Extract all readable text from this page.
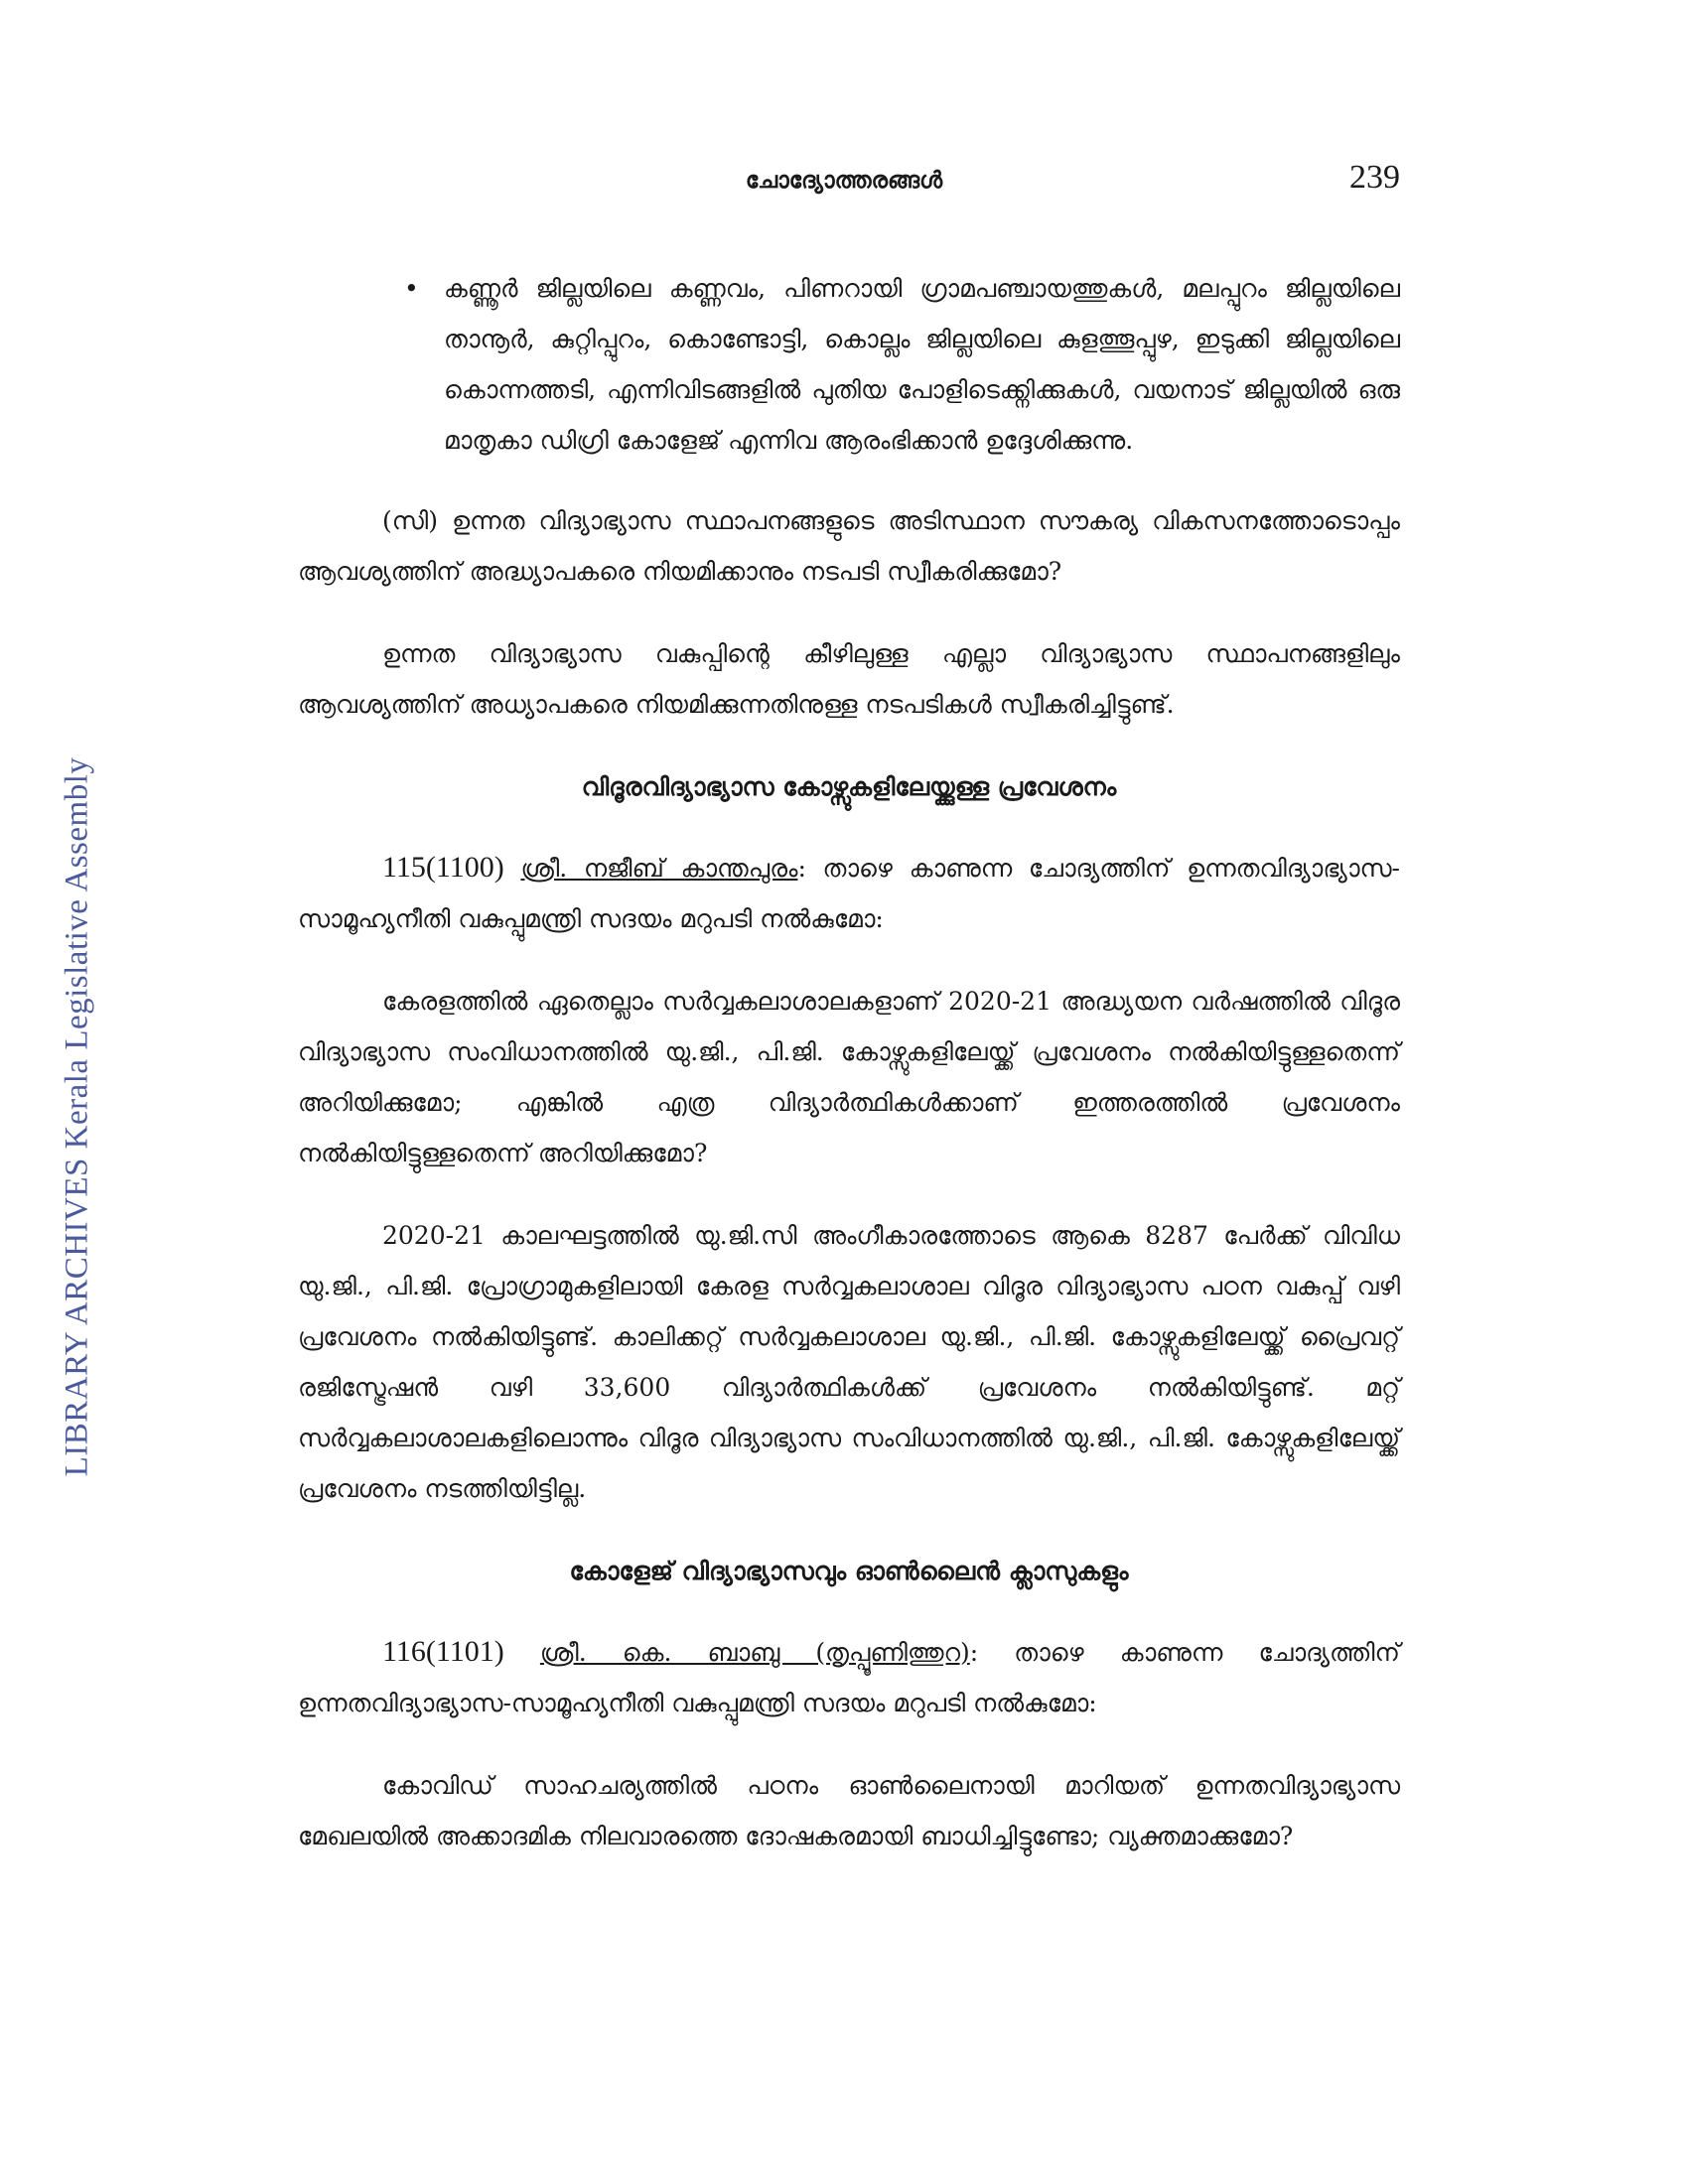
LIBRARY ARCHIVES Kerala Legislative Assembly
ചോദ്യോത്തരങ്ങൾ	239

• കണ്ണൂർ ജില്ലയിലെ കണ്ണവം, പിണറായി ഗ്രാമപഞ്ചായത്തുകൾ, മലപ്പുറം ജില്ലയിലെ താനൂർ, കുറ്റിപ്പുറം, കൊണ്ടോട്ടി, കൊല്ലം ജില്ലയിലെ കുളത്തൂപ്പുഴ, ഇടുക്കി ജില്ലയിലെ കൊന്നത്തടി, എന്നിവിടങ്ങളിൽ പുതിയ പോളിടെക്ക്നിക്കുകൾ, വയനാട് ജില്ലയിൽ ഒരു മാതൃകാ ഡിഗ്രി കോളേജ് എന്നിവ ആരംഭിക്കാൻ ഉദ്ദേശിക്കുന്നു.

(സി) ഉന്നത വിദ്യാഭ്യാസ സ്ഥാപനങ്ങളുടെ അടിസ്ഥാന സൗകര്യ വികസനത്തോടൊപ്പം ആവശ്യത്തിന് അദ്ധ്യാപകരെ നിയമിക്കാനും നടപടി സ്വീകരിക്കുമോ?

ഉന്നത വിദ്യാഭ്യാസ വകുപ്പിന്റെ കീഴിലുള്ള എല്ലാ വിദ്യാഭ്യാസ സ്ഥാപനങ്ങളിലും ആവശ്യത്തിന് അധ്യാപകരെ നിയമിക്കുന്നതിനുള്ള നടപടികൾ സ്വീകരിച്ചിട്ടുണ്ട്.

വിദൂരവിദ്യാഭ്യാസ കോഴ്സുകളിലേയ്ക്കുള്ള പ്രവേശനം

115(1100) ശ്രീ. നജീബ് കാന്തപുരം: താഴെ കാണുന്ന ചോദ്യത്തിന് ഉന്നതവിദ്യാഭ്യാസ-സാമൂഹ്യനീതി വകുപ്പുമന്ത്രി സദയം മറുപടി നൽകുമോ:

കേരളത്തിൽ ഏതെല്ലാം സർവ്വകലാശാലകളാണ് 2020-21 അദ്ധ്യയന വർഷത്തിൽ വിദൂര വിദ്യാഭ്യാസ സംവിധാനത്തിൽ യു.ജി., പി.ജി. കോഴ്സുകളിലേയ്ക്ക് പ്രവേശനം നൽകിയിട്ടുള്ളതെന്ന് അറിയിക്കുമോ; എങ്കിൽ എത്ര വിദ്യാർത്ഥികൾക്കാണ് ഇത്തരത്തിൽ പ്രവേശനം നൽകിയിട്ടുള്ളതെന്ന് അറിയിക്കുമോ?

2020-21 കാലഘട്ടത്തിൽ യു.ജി.സി അംഗീകാരത്തോടെ ആകെ 8287 പേർക്ക് വിവിധ യു.ജി., പി.ജി. പ്രോഗ്രാമുകളിലായി കേരള സർവ്വകലാശാല വിദൂര വിദ്യാഭ്യാസ പഠന വകുപ്പ് വഴി പ്രവേശനം നൽകിയിട്ടുണ്ട്. കാലിക്കറ്റ് സർവ്വകലാശാല യു.ജി., പി.ജി. കോഴ്സുകളിലേയ്ക്ക് പ്രൈവറ്റ് രജിസ്ട്രേഷൻ വഴി 33,600 വിദ്യാർത്ഥികൾക്ക് പ്രവേശനം നൽകിയിട്ടുണ്ട്. മറ്റ് സർവ്വകലാശാലകളിലൊന്നും വിദൂര വിദ്യാഭ്യാസ സംവിധാനത്തിൽ യു.ജി., പി.ജി. കോഴ്സുകളിലേയ്ക്ക് പ്രവേശനം നടത്തിയിട്ടില്ല.

കോളേജ് വിദ്യാഭ്യാസവും ഓൺലൈൻ ക്ലാസുകളും

116(1101) ശ്രീ. കെ. ബാബു (തൃപ്പൂണിത്തുറ): താഴെ കാണുന്ന ചോദ്യത്തിന് ഉന്നതവിദ്യാഭ്യാസ-സാമൂഹ്യനീതി വകുപ്പുമന്ത്രി സദയം മറുപടി നൽകുമോ:

കോവിഡ് സാഹചര്യത്തിൽ പഠനം ഓൺലൈനായി മാറിയത് ഉന്നതവിദ്യാഭ്യാസ മേഖലയിൽ അക്കാദമിക നിലവാരത്തെ ദോഷകരമായി ബാധിച്ചിട്ടുണ്ടോ; വ്യക്തമാക്കുമോ?
